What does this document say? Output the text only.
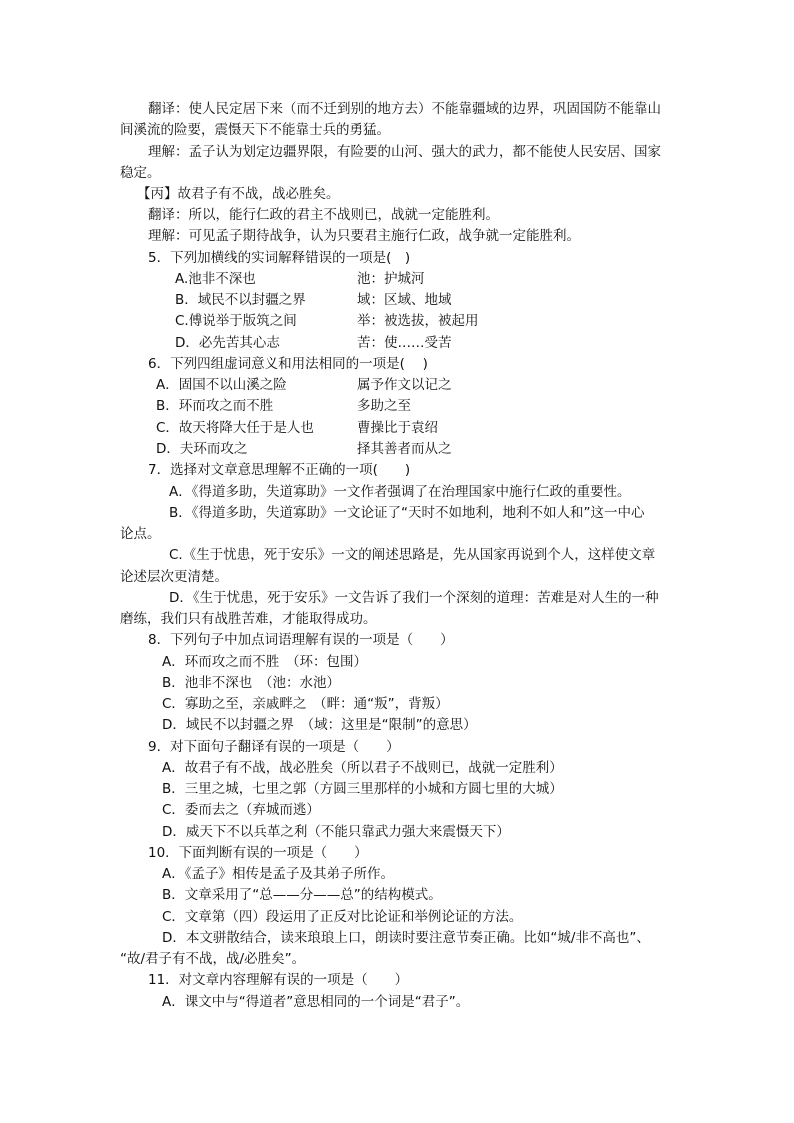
翻译：使人民定居下来（而不迁到别的地方去）不能靠疆域的边界，巩固国防不能靠山
间溪流的险要，震慑天下不能靠士兵的勇猛。
理解：孟子认为划定边疆界限，有险要的山河、强大的武力，都不能使人民安居、国家
稳定。
【丙】故君子有不战，战必胜矣。
翻译：所以，能行仁政的君主不战则已，战就一定能胜利。
理解：可见孟子期待战争，认为只要君主施行仁政，战争就一定能胜利。
5．下列加横线的实词解释错误的一项是(　)
A.池非不深也	池：护城河
B．域民不以封疆之界	域：区域、地域
C.傅说举于版筑之间	举：被选拔，被起用
D．必先苦其心志	苦：使……受苦
6．下列四组虚词意义和用法相同的一项是(　 )
A．固国不以山溪之险	属予作文以记之
B．环而攻之而不胜	多助之至
C．故天将降大任于是人也	曹操比于袁绍
D．夫环而攻之	择其善者而从之
7．选择对文章意思理解不正确的一项(　　)
A．《得道多助，失道寡助》一文作者强调了在治理国家中施行仁政的重要性。
B．《得道多助，失道寡助》一文论证了“天时不如地利，地利不如人和”这一中心
论点。
C.《生于忧患，死于安乐》一文的阐述思路是，先从国家再说到个人，这样使文章
论述层次更清楚。
D．《生于忧患，死于安乐》一文告诉了我们一个深刻的道理：苦难是对人生的一种
磨练，我们只有战胜苦难，才能取得成功。
8．下列句子中加点词语理解有误的一项是（　　）
A．环而攻之而不胜　（环：包围）
B．池非不深也　（池：水池）
C．寡助之至，亲戚畔之　（畔：通“叛”，背叛）
D．域民不以封疆之界　（域：这里是“限制”的意思）
9．对下面句子翻译有误的一项是（　　）
A．故君子有不战，战必胜矣（所以君子不战则已，战就一定胜利）
B．三里之城，七里之郭（方圆三里那样的小城和方圆七里的大城）
C．委而去之（弃城而逃）
D．威天下不以兵革之利（不能只靠武力强大来震慑天下）
10．下面判断有误的一项是（　　）
A．《孟子》相传是孟子及其弟子所作。
B．文章采用了“总——分——总”的结构模式。
C．文章第（四）段运用了正反对比论证和举例论证的方法。
D．本文骈散结合，读来琅琅上口，朗读时要注意节奏正确。比如“城/非不高也”、
“故/君子有不战，战/必胜矣”。
11．对文章内容理解有误的一项是（　　）
A．课文中与“得道者”意思相同的一个词是“君子”。
